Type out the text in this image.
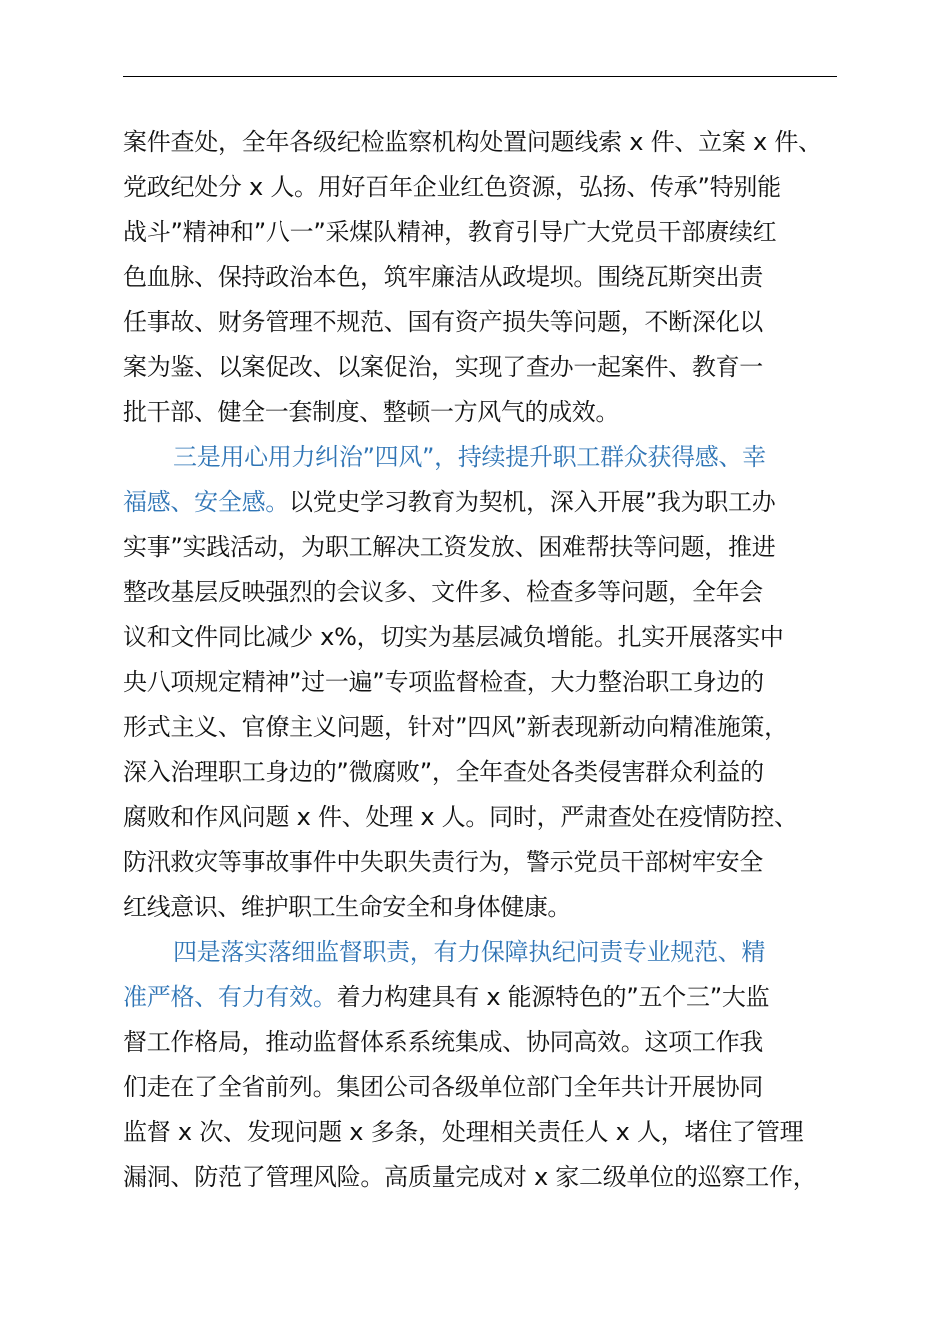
案件查处，全年各级纪检监察机构处置问题线索 x 件、立案 x 件、
党政纪处分 x 人。用好百年企业红色资源，弘扬、传承”特别能
战斗”精神和”八一”采煤队精神，教育引导广大党员干部赓续红
色血脉、保持政治本色，筑牢廉洁从政堤坝。围绕瓦斯突出责
任事故、财务管理不规范、国有资产损失等问题，不断深化以
案为鉴、以案促改、以案促治，实现了查办一起案件、教育一
批干部、健全一套制度、整顿一方风气的成效。
三是用心用力纠治”四风”，持续提升职工群众获得感、幸
福感、安全感。以党史学习教育为契机，深入开展”我为职工办
实事”实践活动，为职工解决工资发放、困难帮扶等问题，推进
整改基层反映强烈的会议多、文件多、检查多等问题，全年会
议和文件同比减少 x%，切实为基层减负增能。扎实开展落实中
央八项规定精神”过一遍”专项监督检查，大力整治职工身边的
形式主义、官僚主义问题，针对”四风”新表现新动向精准施策，
深入治理职工身边的”微腐败”，全年查处各类侵害群众利益的
腐败和作风问题 x 件、处理 x 人。同时，严肃查处在疫情防控、
防汛救灾等事故事件中失职失责行为，警示党员干部树牢安全
红线意识、维护职工生命安全和身体健康。
四是落实落细监督职责，有力保障执纪问责专业规范、精
准严格、有力有效。着力构建具有 x 能源特色的”五个三”大监
督工作格局，推动监督体系系统集成、协同高效。这项工作我
们走在了全省前列。集团公司各级单位部门全年共计开展协同
监督 x 次、发现问题 x 多条，处理相关责任人 x 人，堵住了管理
漏洞、防范了管理风险。高质量完成对 x 家二级单位的巡察工作，
